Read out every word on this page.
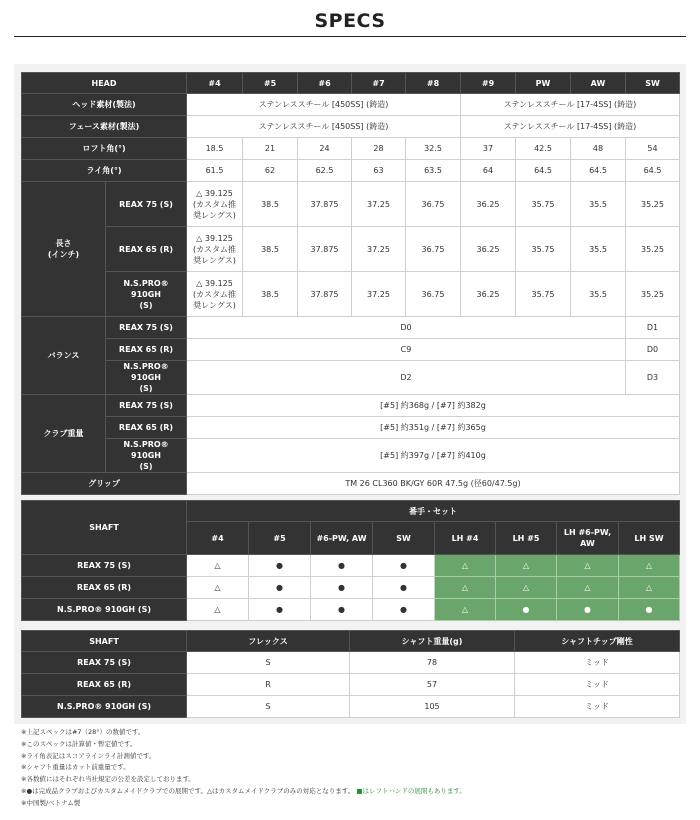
SPECS
HEAD		#4	#5	#6	#7	#8	#9	PW	AW	SW
ヘッド素材(製法)		ステンレススチール [450SS] (鋳造)					ステンレススチール [17-4SS] (鋳造)			
フェース素材(製法)		ステンレススチール [450SS] (鋳造)					ステンレススチール [17-4SS] (鋳造)			
ロフト角(°)		18.5	21	24	28	32.5	37	42.5	48	54
ライ角(°)		61.5	62	62.5	63	63.5	64	64.5	64.5	64.5
長さ
(インチ)	REAX 75 (S)	△ 39.125
(カスタム推
奨レングス)	38.5	37.875	37.25	36.75	36.25	35.75	35.5	35.25
	REAX 65 (R)	△ 39.125
(カスタム推
奨レングス)	38.5	37.875	37.25	36.75	36.25	35.75	35.5	35.25
	N.S.PRO® 910GH
(S)	△ 39.125
(カスタム推
奨レングス)	38.5	37.875	37.25	36.75	36.25	35.75	35.5	35.25
バランス	REAX 75 (S)	D0								D1
	REAX 65 (R)	C9								D0
	N.S.PRO® 910GH
(S)	D2								D3
クラブ重量	REAX 75 (S)	[#5] 約368g / [#7] 約382g								
	REAX 65 (R)	[#5] 約351g / [#7] 約365g								
	N.S.PRO® 910GH
(S)	[#5] 約397g / [#7] 約410g								
グリップ		TM 26 CL360 BK/GY 60R 47.5g (径60/47.5g)								
SHAFT	番手・セット							
	#4	#5	#6-PW, AW	SW	LH #4	LH #5	LH #6-PW,
AW	LH SW
REAX 75 (S)	△	●	●	●	△	△	△	△
REAX 65 (R)	△	●	●	●	△	△	△	△
N.S.PRO® 910GH (S)	△	●	●	●	△	●	●	●
SHAFT	フレックス	シャフト重量(g)	シャフトチップ剛性
REAX 75 (S)	S	78	ミッド
REAX 65 (R)	R	57	ミッド
N.S.PRO® 910GH (S)	S	105	ミッド
※上記スペックは#7（28°）の数値です。
※このスペックは計算値・暫定値です。
※ライ角表記はスコアラインライ計測値です。
※シャフト重量はカット前重量です。
※各数値にはそれぞれ当社規定の公差を設定しております。
※●は完成品クラブおよびカスタムメイドクラブでの展開です。△はカスタムメイドクラブのみの対応となります。 ■はレフトハンドの展開もあります。
※中国製/ベトナム製
